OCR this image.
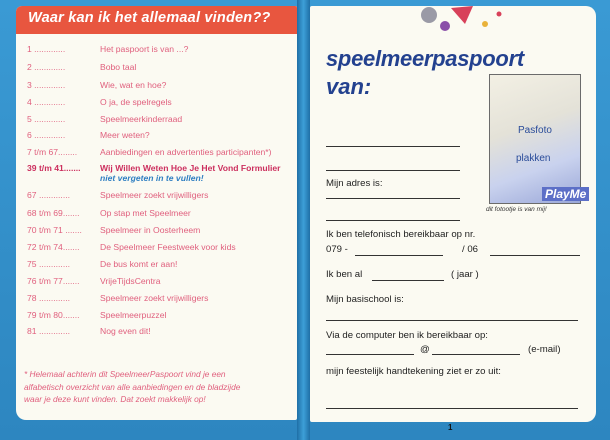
Waar kan ik het allemaal vinden??
1 .............	Het paspoort is van ...?
2 .............	Bobo taal
3 .............	Wie, wat en hoe?
4 .............	O ja, de spelregels
5 .............	Speelmeerkinderraad
6 .............	Meer weten?
7 t/m 67........	Aanbiedingen en advertenties participanten*)
39 t/m 41....... Wij Willen Weten Hoe Je Het Vond Formulier
niet vergeten in te vullen!
67 .............	Speelmeer zoekt vrijwilligers
68 t/m 69....... Op stap met Speelmeer
70 t/m 71 ....... Speelmeer in Oosterheem
72 t/m 74....... De Speelmeer Feestweek voor kids
75 .............	De bus komt er aan!
76 t/m 77....... VrijeTijdsCentra
78 .............	Speelmeer zoekt vrijwilligers
79 t/m 80....... Speelmeerpuzzel
81 .............	Nog even dit!
* Helemaal achterin dit SpeelmeerPaspoort vind je een
alfabetisch overzicht van alle aanbiedingen en de bladzijde
waar je deze kunt vinden. Dat zoekt makkelijk op!
speelmeerpaspoort
van:
Pasfoto
plakken
PlayMe
dit fotootje is van mij!
Mijn adres is:
Ik ben telefonisch bereikbaar op nr.
079 -	/ 06
Ik ben al	( jaar )
Mijn basischool is:
Via de computer ben ik bereikbaar op:
@	(e-mail)
mijn feestelijk handtekening ziet er zo uit:
1
